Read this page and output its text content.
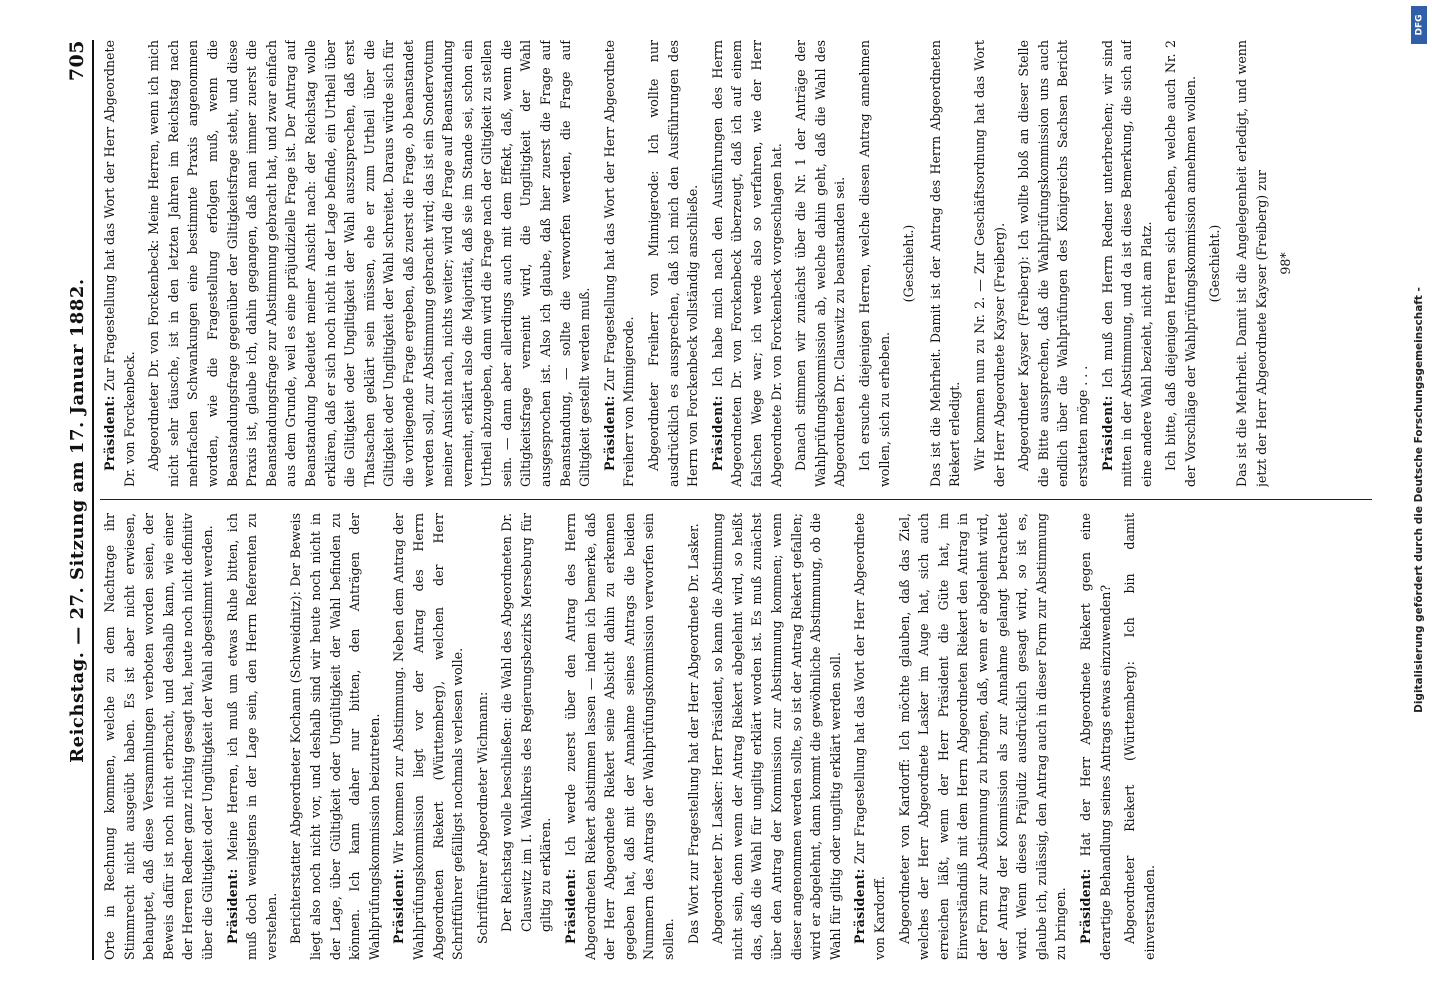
Reichstag. — 27. Sitzung am 17. Januar 1882.
705

Orte in Rechnung kommen, welche zu dem Nachtrage ihr Stimmrecht nicht ausgeübt haben. Es ist aber nicht erwiesen, behauptet, daß diese Versammlungen verboten worden seien, der Beweis dafür ist noch nicht erbracht, und deshalb kann, wie einer der Herren Redner ganz richtig gesagt hat, heute noch nicht definitiv über die Gültigkeit oder Ungültigkeit der Wahl abgestimmt werden. Präsident: Meine Herren, ich muß um etwas Ruhe bitten, ich muß doch wenigstens in der Lage sein, den Herrn Referenten zu verstehen. Berichterstatter Abgeordneter Kochann (Schweidnitz): Der Beweis liegt also noch nicht vor, und deshalb sind wir heute noch nicht in der Lage, über Gültigkeit oder Ungültigkeit der Wahl befinden zu können. Ich kann daher nur bitten, den Anträgen der Wahlprüfungskommission beizutreten. Präsident: Wir kommen zur Abstimmung. Neben dem Antrag der Wahlprüfungskommission liegt vor der Antrag des Herrn Abgeordneten Riekert (Württemberg), welchen der Herr Schriftführer gefälligst nochmals verlesen wolle. Schriftführer Abgeordneter Wichmann: Der Reichstag wolle beschließen: die Wahl des Abgeordneten Dr. Clauswitz im I. Wahlkreis des Regierungsbezirks Merseburg für giltig zu erklären. Präsident: Ich werde zuerst über den Antrag des Herrn Abgeordneten Riekert abstimmen lassen — indem ich bemerke, daß der Herr Abgeordnete Riekert seine Absicht dahin zu erkennen gegeben hat, daß mit der Annahme seines Antrags die beiden Nummern des Antrags der Wahlprüfungskommission verworfen sein sollen. Das Wort zur Fragestellung hat der Herr Abgeordnete Dr. Lasker. Abgeordneter Dr. Lasker: Herr Präsident, so kann die Abstimmung nicht sein, denn wenn der Antrag Riekert abgelehnt wird, so heißt das, daß die Wahl für ungiltig erklärt worden ist. Es muß zunächst über den Antrag der Kommission zur Abstimmung kommen; wenn dieser angenommen werden sollte, so ist der Antrag Riekert gefallen; wird er abgelehnt, dann kommt die gewöhnliche Abstimmung, ob die Wahl für giltig oder ungiltig erklärt werden soll. Präsident: Zur Fragestellung hat das Wort der Herr Abgeordnete von Kardorff. Abgeordneter von Kardorff: Ich möchte glauben, daß das Ziel, welches der Herr Abgeordnete Lasker im Auge hat, sich auch erreichen läßt, wenn der Herr Präsident die Güte hat, im Einverständniß mit dem Herrn Abgeordneten Riekert den Antrag in der Form zur Abstimmung zu bringen, daß, wenn er abgelehnt wird, der Antrag der Kommission als zur Annahme gelangt betrachtet wird. Wenn dieses Präjudiz ausdrücklich gesagt wird, so ist es, glaube ich, zulässig, den Antrag auch in dieser Form zur Abstimmung zu bringen. Präsident: Hat der Herr Abgeordnete Riekert gegen eine derartige Behandlung seines Antrags etwas einzuwenden? Abgeordneter Riekert (Württemberg): Ich bin damit einverstanden.

Präsident: Zur Fragestellung hat das Wort der Herr Abgeordnete Dr. von Forckenbeck. Abgeordneter Dr. von Forckenbeck: Meine Herren, wenn ich mich nicht sehr täusche, ist in den letzten Jahren im Reichstag nach mehrfachen Schwankungen eine bestimmte Praxis angenommen worden, wie die Fragestellung erfolgen muß, wenn die Beanstandungsfrage gegenüber der Giltigkeitsfrage steht, und diese Praxis ist, glaube ich, dahin gegangen, daß man immer zuerst die Beanstandungsfrage zur Abstimmung gebracht hat, und zwar einfach aus dem Grunde, weil es eine präjudizielle Frage ist. Der Antrag auf Beanstandung bedeutet meiner Ansicht nach: der Reichstag wolle erklären, daß er sich noch nicht in der Lage befinde, ein Urtheil über die Giltigkeit oder Ungiltigkeit der Wahl auszusprechen, daß erst Thatsachen geklärt sein müssen, ehe er zum Urtheil über die Giltigkeit oder Ungiltigkeit der Wahl schreitet. Daraus würde sich für die vorliegende Frage ergeben, daß zuerst die Frage, ob beanstandet werden soll, zur Abstimmung gebracht wird; das ist ein Sondervotum meiner Ansicht nach, nichts weiter; wird die Frage auf Beanstandung verneint, erklärt also die Majorität, daß sie im Stande sei, schon ein Urtheil abzugeben, dann wird die Frage nach der Giltigkeit zu stellen sein. — dann aber allerdings auch mit dem Effekt, daß, wenn die Giltigkeitsfrage verneint wird, die Ungiltigkeit der Wahl ausgesprochen ist. Also ich glaube, daß hier zuerst die Frage auf Beanstandung, — sollte die verworfen werden, die Frage auf Giltigkeit gestellt werden muß. Präsident: Zur Fragestellung hat das Wort der Herr Abgeordnete Freiherr von Minnigerode. Abgeordneter Freiherr von Minnigerode: Ich wollte nur ausdrücklich es aussprechen, daß ich mich den Ausführungen des Herrn von Forckenbeck vollständig anschließe. Präsident: Ich habe mich nach den Ausführungen des Herrn Abgeordneten Dr. von Forckenbeck überzeugt, daß ich auf einem falschen Wege war; ich werde also so verfahren, wie der Herr Abgeordnete Dr. von Forckenbeck vorgeschlagen hat. Danach stimmen wir zunächst über die Nr. 1 der Anträge der Wahlprüfungskommission ab, welche dahin geht, daß die Wahl des Abgeordneten Dr. Clauswitz zu beanstanden sei. Ich ersuche diejenigen Herren, welche diesen Antrag annehmen wollen, sich zu erheben.

(Geschieht.) Das ist die Mehrheit. Damit ist der Antrag des Herrn Abgeordneten Riekert erledigt. Wir kommen nun zu Nr. 2. — Zur Geschäftsordnung hat das Wort der Herr Abgeordnete Kayser (Freiberg). Abgeordneter Kayser (Freiberg): Ich wollte bloß an dieser Stelle die Bitte aussprechen, daß die Wahlprüfungskommission uns auch endlich über die Wahlprüfungen des Königreichs Sachsen Bericht erstatten möge . . . Präsident: Ich muß den Herrn Redner unterbrechen; wir sind mitten in der Abstimmung, und da ist diese Bemerkung, die sich auf eine andere Wahl bezieht, nicht am Platz. Ich bitte, daß diejenigen Herren sich erheben, welche auch Nr. 2 der Vorschläge der Wahlprüfungskommission annehmen wollen. (Geschieht.) Das ist die Mehrheit. Damit ist die Angelegenheit erledigt, und wenn jetzt der Herr Abgeordnete Kayser (Freiberg) zur 98*

Digitalisierung gefördert durch die Deutsche Forschungsgemeinschaft -
DFG
